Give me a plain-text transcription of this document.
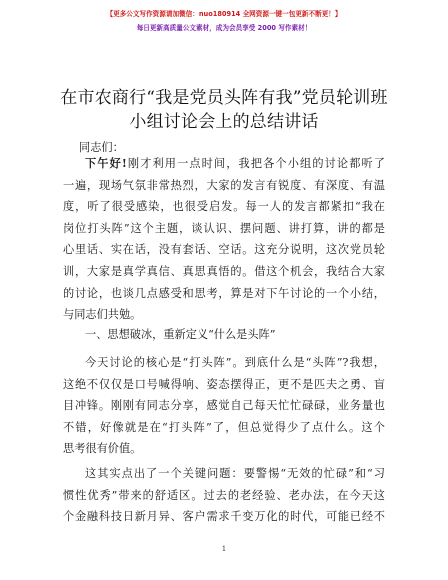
【更多公文写作资源请加微信：nuo180914 全网资源一键一包更新不断更！】
每日更新高质量公文素材，成为会员享受 2000 写作素材！
在市农商行“我是党员头阵有我”党员轮训班
小组讨论会上的总结讲话
同志们：
下午好!刚才利用一点时间，我把各个小组的讨论都听了
一遍，现场气氛非常热烈，大家的发言有锐度、有深度、有温
度，听了很受感染，也很受启发。每一人的发言都紧扣“我在
岗位打头阵”这个主题，谈认识、摆问题、讲打算，讲的都是
心里话、实在话，没有套话、空话。这充分说明，这次党员轮
训，大家是真学真信、真思真悟的。借这个机会，我结合大家
的讨论，也谈几点感受和思考，算是对下午讨论的一个小结，
与同志们共勉。
一、思想破冰，重新定义“什么是头阵”
今天讨论的核心是“打头阵”。到底什么是“头阵”?我想，
这绝不仅仅是口号喊得响、姿态摆得正，更不是匹夫之勇、盲
目冲锋。刚刚有同志分享，感觉自己每天忙忙碌碌，业务量也
不错，好像就是在“打头阵”了，但总觉得少了点什么。这个
思考很有价值。
这其实点出了一个关键问题：要警惕“无效的忙碌”和“习
惯性优秀”带来的舒适区。过去的老经验、老办法，在今天这
个金融科技日新月异、客户需求千变万化的时代，可能已经不
1
